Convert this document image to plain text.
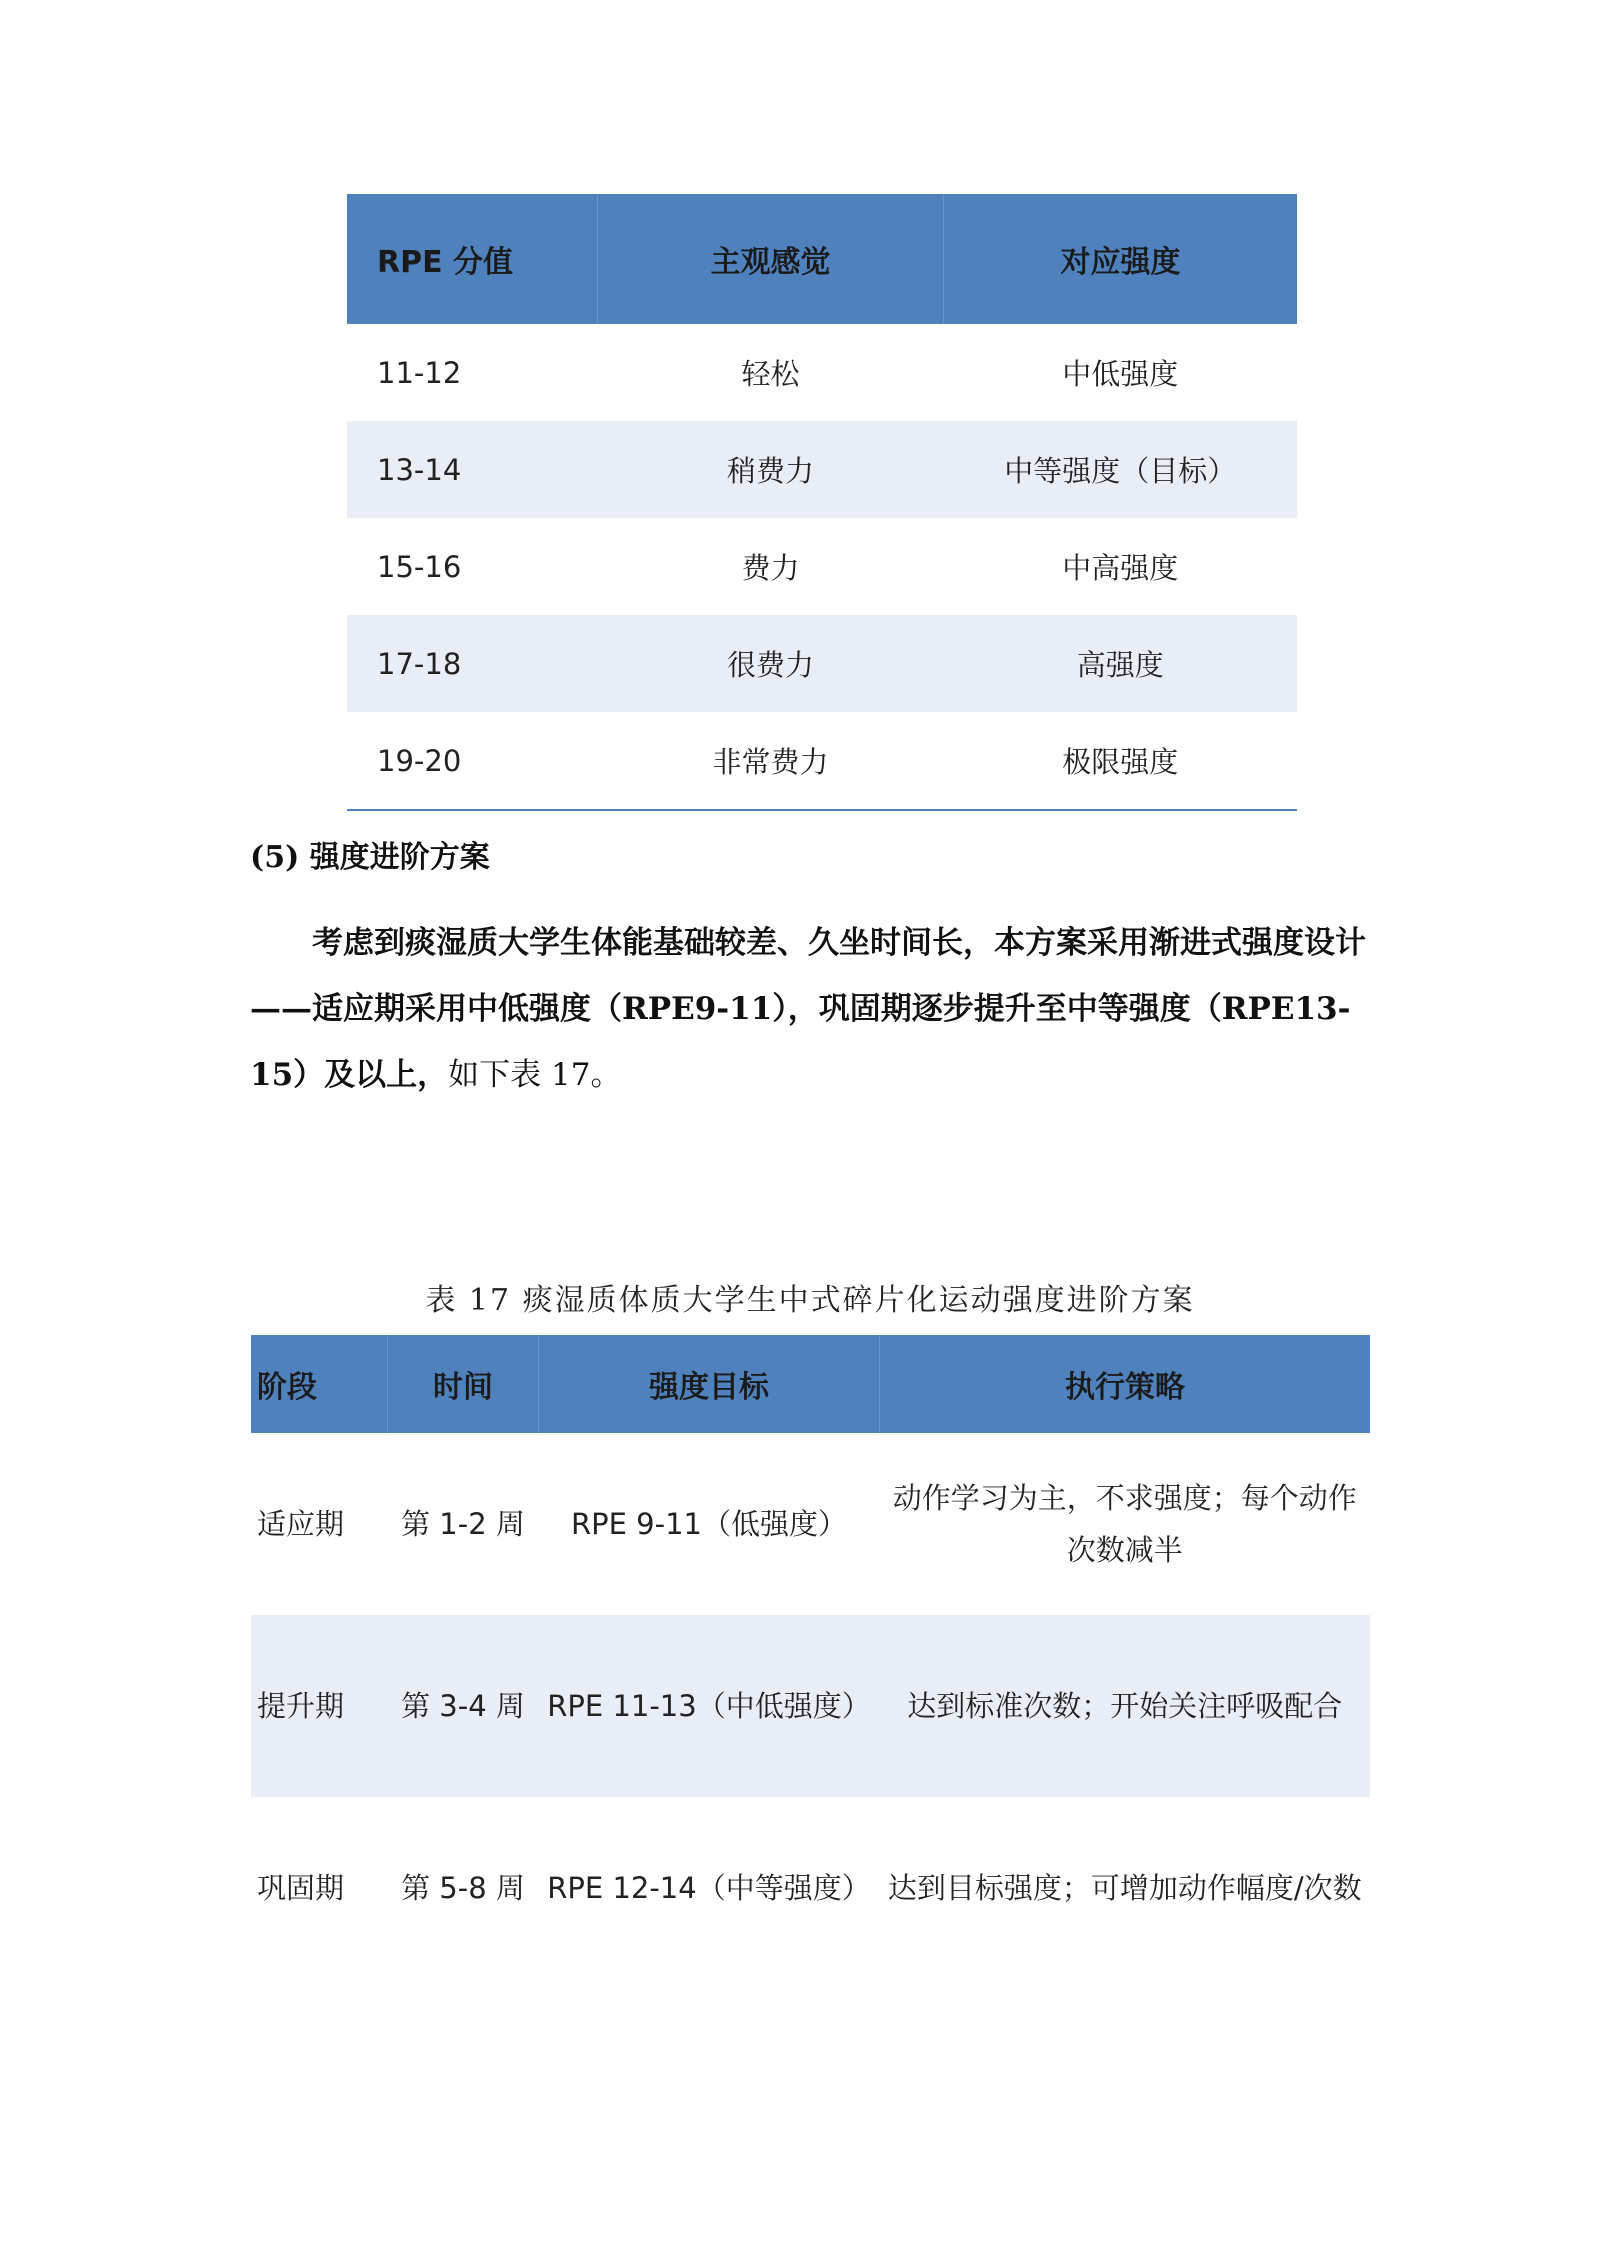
RPE 分值	主观感觉	对应强度
11-12	轻松	中低强度
13-14	稍费力	中等强度（目标）
15-16	费力	中高强度
17-18	很费力	高强度
19-20	非常费力	极限强度
(5) 强度进阶方案

考虑到痰湿质大学生体能基础较差、久坐时间长，本方案采用渐进式强度设计——适应期采用中低强度（RPE9-11），巩固期逐步提升至中等强度（RPE13-15）及以上，如下表 17。

表 17 痰湿质体质大学生中式碎片化运动强度进阶方案
阶段	时间	强度目标	执行策略
适应期	第 1-2 周	RPE 9-11（低强度）	动作学习为主，不求强度；每个动作次数减半
提升期	第 3-4 周	RPE 11-13（中低强度）	达到标准次数；开始关注呼吸配合
巩固期	第 5-8 周	RPE 12-14（中等强度）	达到目标强度；可增加动作幅度/次数
